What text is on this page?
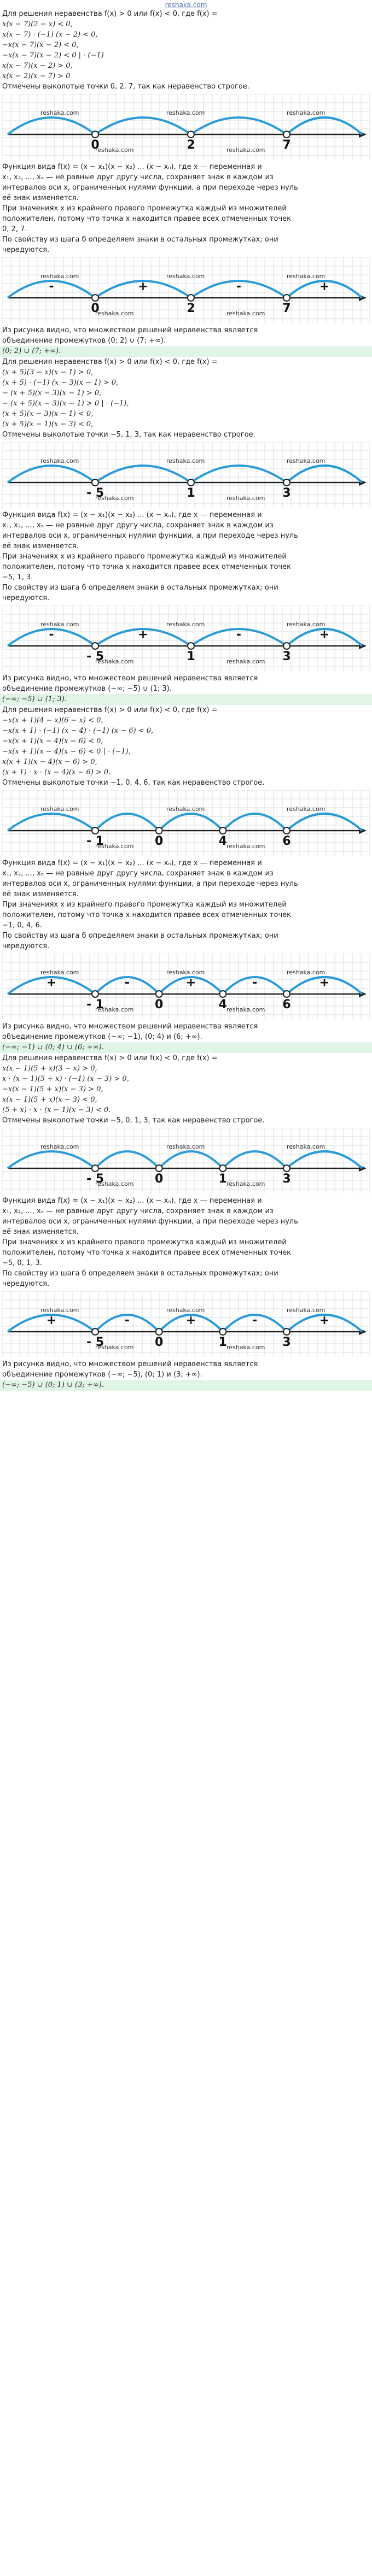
reshaka.com
Для решения неравенства f(x) > 0 или f(x) < 0, где f(x) =
x(x − 7)(2 − x) < 0,
x(x − 7) · (−1) (x − 2) < 0,
−x(x − 7)(x − 2) < 0,
−x(x − 7)(x − 2) < 0 | · (−1)
x(x − 7)(x − 2) > 0,
x(x − 2)(x − 7) > 0
Отмечены выколотые точки 0, 2, 7, так как неравенство строгое.
0	2	7
reshaka.com	reshaka.com	reshaka.com
reshaka.com	reshaka.com
Функция вида f(x) = (x − x₁)(x − x₂) ... (x − xₙ), где x — переменная и
x₁, x₂, ..., xₙ — не равные друг другу числа, сохраняет знак в каждом из
интервалов оси x, ограниченных нулями функции, а при переходе через нуль
её знак изменяется.
При значениях x из крайнего правого промежутка каждый из множителей
положителен, потому что точка x находится правее всех отмеченных точек
0, 2, 7.
По свойству из шага б определяем знаки в остальных промежутках; они
чередуются.
0	2	7
-	+	-	+
reshaka.com	reshaka.com	reshaka.com
reshaka.com	reshaka.com
Из рисунка видно, что множеством решений неравенства является
объединение промежутков (0; 2) ∪ (7; +∞).
(0; 2) ∪ (7; +∞).
Для решения неравенства f(x) > 0 или f(x) < 0, где f(x) =
(x + 5)(3 − x)(x − 1) > 0,
(x + 5) · (−1) (x − 3)(x − 1) > 0,
− (x + 5)(x − 3)(x − 1) > 0,
− (x + 5)(x − 3)(x − 1) > 0 | · (−1),
(x + 5)(x − 3)(x − 1) < 0,
(x + 5)(x − 1)(x − 3) < 0,
Отмечены выколотые точки −5, 1, 3, так как неравенство строгое.
- 5	1	3
reshaka.com	reshaka.com	reshaka.com
reshaka.com	reshaka.com
Функция вида f(x) = (x − x₁)(x − x₂) ... (x − xₙ), где x — переменная и
x₁, x₂, ..., xₙ — не равные друг другу числа, сохраняет знак в каждом из
интервалов оси x, ограниченных нулями функции, а при переходе через нуль
её знак изменяется.
При значениях x из крайнего правого промежутка каждый из множителей
положителен, потому что точка x находится правее всех отмеченных точек
−5, 1, 3.
По свойству из шага б определяем знаки в остальных промежутках; они
чередуются.
- 5	1	3
-	+	-	+
reshaka.com	reshaka.com	reshaka.com
reshaka.com	reshaka.com
Из рисунка видно, что множеством решений неравенства является
объединение промежутков (−∞; −5) ∪ (1; 3).
(−∞; −5) ∪ (1; 3).
Для решения неравенства f(x) > 0 или f(x) < 0, где f(x) =
−x(x + 1)(4 − x)(6 − x) < 0,
−x(x + 1) · (−1) (x − 4) · (−1) (x − 6) < 0,
−x(x + 1)(x − 4)(x − 6) < 0,
−x(x + 1)(x − 4)(x − 6) < 0 | · (−1),
x(x + 1)(x − 4)(x − 6) > 0,
(x + 1) · x · (x − 4)(x − 6) > 0.
Отмечены выколотые точки −1, 0, 4, 6, так как неравенство строгое.
- 1	0	4	6
reshaka.com	reshaka.com	reshaka.com
reshaka.com	reshaka.com
Функция вида f(x) = (x − x₁)(x − x₂) ... (x − xₙ), где x — переменная и
x₁, x₂, ..., xₙ — не равные друг другу числа, сохраняет знак в каждом из
интервалов оси x, ограниченных нулями функции, а при переходе через нуль
её знак изменяется.
При значениях x из крайнего правого промежутка каждый из множителей
положителен, потому что точка x находится правее всех отмеченных точек
−1, 0, 4, 6.
По свойству из шага б определяем знаки в остальных промежутках; они
чередуются.
- 1	0	4	6
+	-	+	-	+
reshaka.com	reshaka.com	reshaka.com
reshaka.com	reshaka.com
Из рисунка видно, что множеством решений неравенства является
объединение промежутков (−∞; −1), (0; 4) и (6; +∞).
(−∞; −1) ∪ (0; 4) ∪ (6; +∞).
Для решения неравенства f(x) > 0 или f(x) < 0, где f(x) =
x(x − 1)(5 + x)(3 − x) > 0,
x · (x − 1)(5 + x) · (−1) (x − 3) > 0,
−x(x − 1)(5 + x)(x − 3) > 0,
x(x − 1)(5 + x)(x − 3) < 0,
(5 + x) · x · (x − 1)(x − 3) < 0.
Отмечены выколотые точки −5, 0, 1, 3, так как неравенство строгое.
- 5	0	1	3
reshaka.com	reshaka.com	reshaka.com
reshaka.com	reshaka.com
Функция вида f(x) = (x − x₁)(x − x₂) ... (x − xₙ), где x — переменная и
x₁, x₂, ..., xₙ — не равные друг другу числа, сохраняет знак в каждом из
интервалов оси x, ограниченных нулями функции, а при переходе через нуль
её знак изменяется.
При значениях x из крайнего правого промежутка каждый из множителей
положителен, потому что точка x находится правее всех отмеченных точек
−5, 0, 1, 3.
По свойству из шага б определяем знаки в остальных промежутках; они
чередуются.
- 5	0	1	3
+	-	+	-	+
reshaka.com	reshaka.com	reshaka.com
reshaka.com	reshaka.com
Из рисунка видно, что множеством решений неравенства является
объединение промежутков (−∞; −5), (0; 1) и (3; +∞).
(−∞; −5) ∪ (0; 1) ∪ (3; +∞).
